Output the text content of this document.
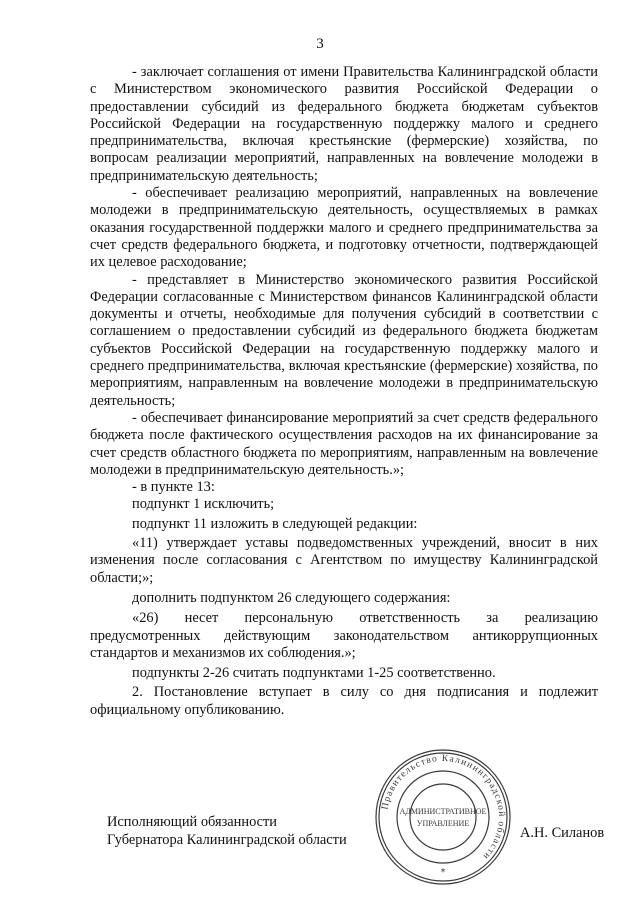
3

- заключает соглашения от имени Правительства Калининградской области с Министерством экономического развития Российской Федерации о предоставлении субсидий из федерального бюджета бюджетам субъектов Российской Федерации на государственную поддержку малого и среднего предпринимательства, включая крестьянские (фермерские) хозяйства, по вопросам реализации мероприятий, направленных на вовлечение молодежи в предпринимательскую деятельность;

- обеспечивает реализацию мероприятий, направленных на вовлечение молодежи в предпринимательскую деятельность, осуществляемых в рамках оказания государственной поддержки малого и среднего предпринимательства за счет средств федерального бюджета, и подготовку отчетности, подтверждающей их целевое расходование;

- представляет в Министерство экономического развития Российской Федерации согласованные с Министерством финансов Калининградской области документы и отчеты, необходимые для получения субсидий в соответствии с соглашением о предоставлении субсидий из федерального бюджета бюджетам субъектов Российской Федерации на государственную поддержку малого и среднего предпринимательства, включая крестьянские (фермерские) хозяйства, по мероприятиям, направленным на вовлечение молодежи в предпринимательскую деятельность;

- обеспечивает финансирование мероприятий за счет средств федерального бюджета после фактического осуществления расходов на их финансирование за счет средств областного бюджета по мероприятиям, направленным на вовлечение молодежи в предпринимательскую деятельность.»;

- в пункте 13:

подпункт 1 исключить;

подпункт 11 изложить в следующей редакции:

«11) утверждает уставы подведомственных учреждений, вносит в них изменения после согласования с Агентством по имуществу Калининградской области;»;

дополнить подпунктом 26 следующего содержания:

«26) несет персональную ответственность за реализацию предусмотренных действующим законодательством антикоррупционных стандартов и механизмов их соблюдения.»;

подпункты 2-26 считать подпунктами 1-25 соответственно.

2. Постановление вступает в силу со дня подписания и подлежит официальному опубликованию.

Исполняющий обязанности
Губернатора Калининградской области
Правительство Калининградской области
АДМИНИСТРАТИВНОЕ
УПРАВЛЕНИЕ
*
А.Н. Силанов
